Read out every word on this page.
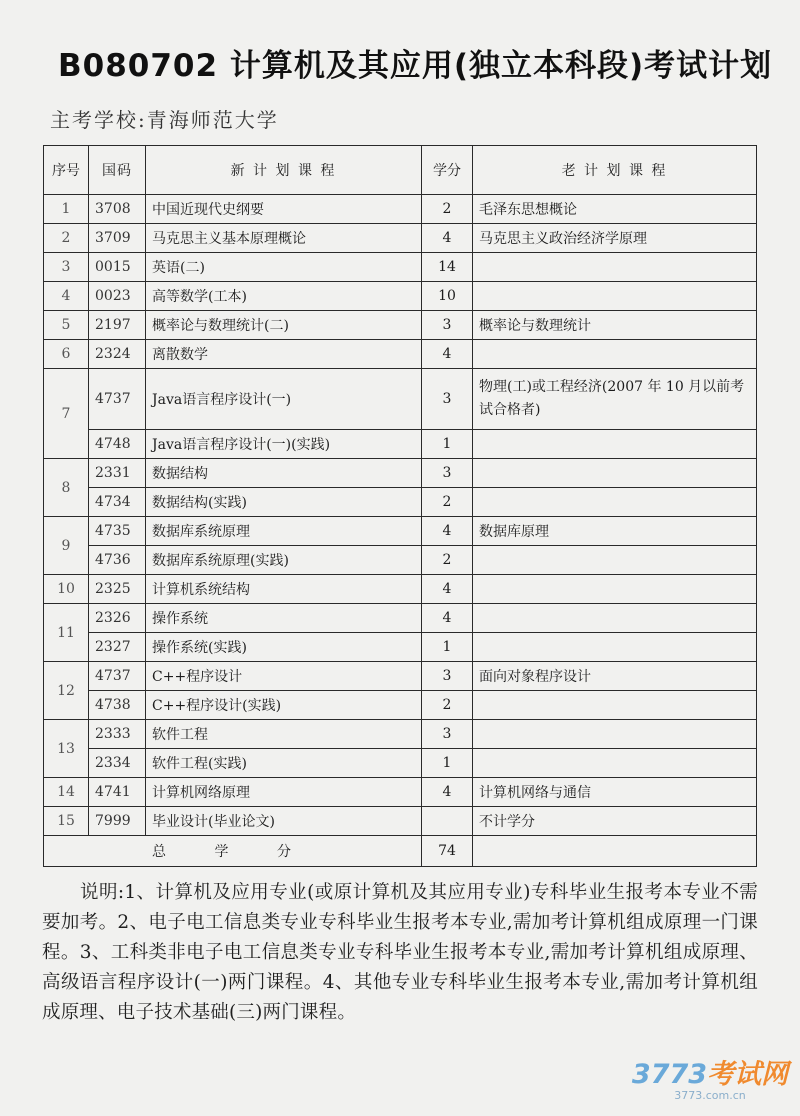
B080702 计算机及其应用(独立本科段)考试计划
主考学校:青海师范大学
序号	国码	新 计 划 课 程	学分	老 计 划 课 程
1	3708	中国近现代史纲要	2	毛泽东思想概论
2	3709	马克思主义基本原理概论	4	马克思主义政治经济学原理
3	0015	英语(二)	14	
4	0023	高等数学(工本)	10	
5	2197	概率论与数理统计(二)	3	概率论与数理统计
6	2324	离散数学	4	
7	4737	Java语言程序设计(一)	3	物理(工)或工程经济(2007 年 10 月以前考试合格者)
	4748	Java语言程序设计(一)(实践)	1	
8	2331	数据结构	3	
	4734	数据结构(实践)	2	
9	4735	数据库系统原理	4	数据库原理
	4736	数据库系统原理(实践)	2	
10	2325	计算机系统结构	4	
11	2326	操作系统	4	
	2327	操作系统(实践)	1	
12	4737	C++程序设计	3	面向对象程序设计
	4738	C++程序设计(实践)	2	
13	2333	软件工程	3	
	2334	软件工程(实践)	1	
14	4741	计算机网络原理	4	计算机网络与通信
15	7999	毕业设计(毕业论文)		不计学分
总 学 分			74	
说明:1、计算机及应用专业(或原计算机及其应用专业)专科毕业生报考本专业不需要加考。2、电子电工信息类专业专科毕业生报考本专业,需加考计算机组成原理一门课程。3、工科类非电子电工信息类专业专科毕业生报考本专业,需加考计算机组成原理、高级语言程序设计(一)两门课程。4、其他专业专科毕业生报考本专业,需加考计算机组成原理、电子技术基础(三)两门课程。
3773考试网
3773.com.cn
